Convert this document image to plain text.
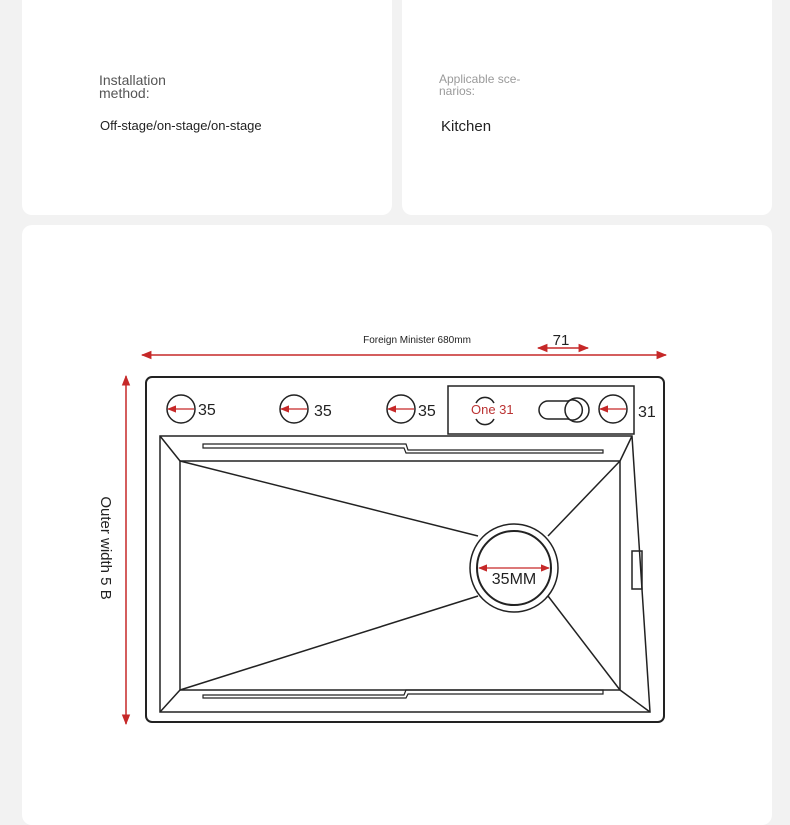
Installation
method:
Off-stage/on-stage/on-stage
Applicable sce-
narios:
Kitchen
Foreign Minister 680mm	71
Outer width 5 B	35MM
35	35	35	One 31	31
